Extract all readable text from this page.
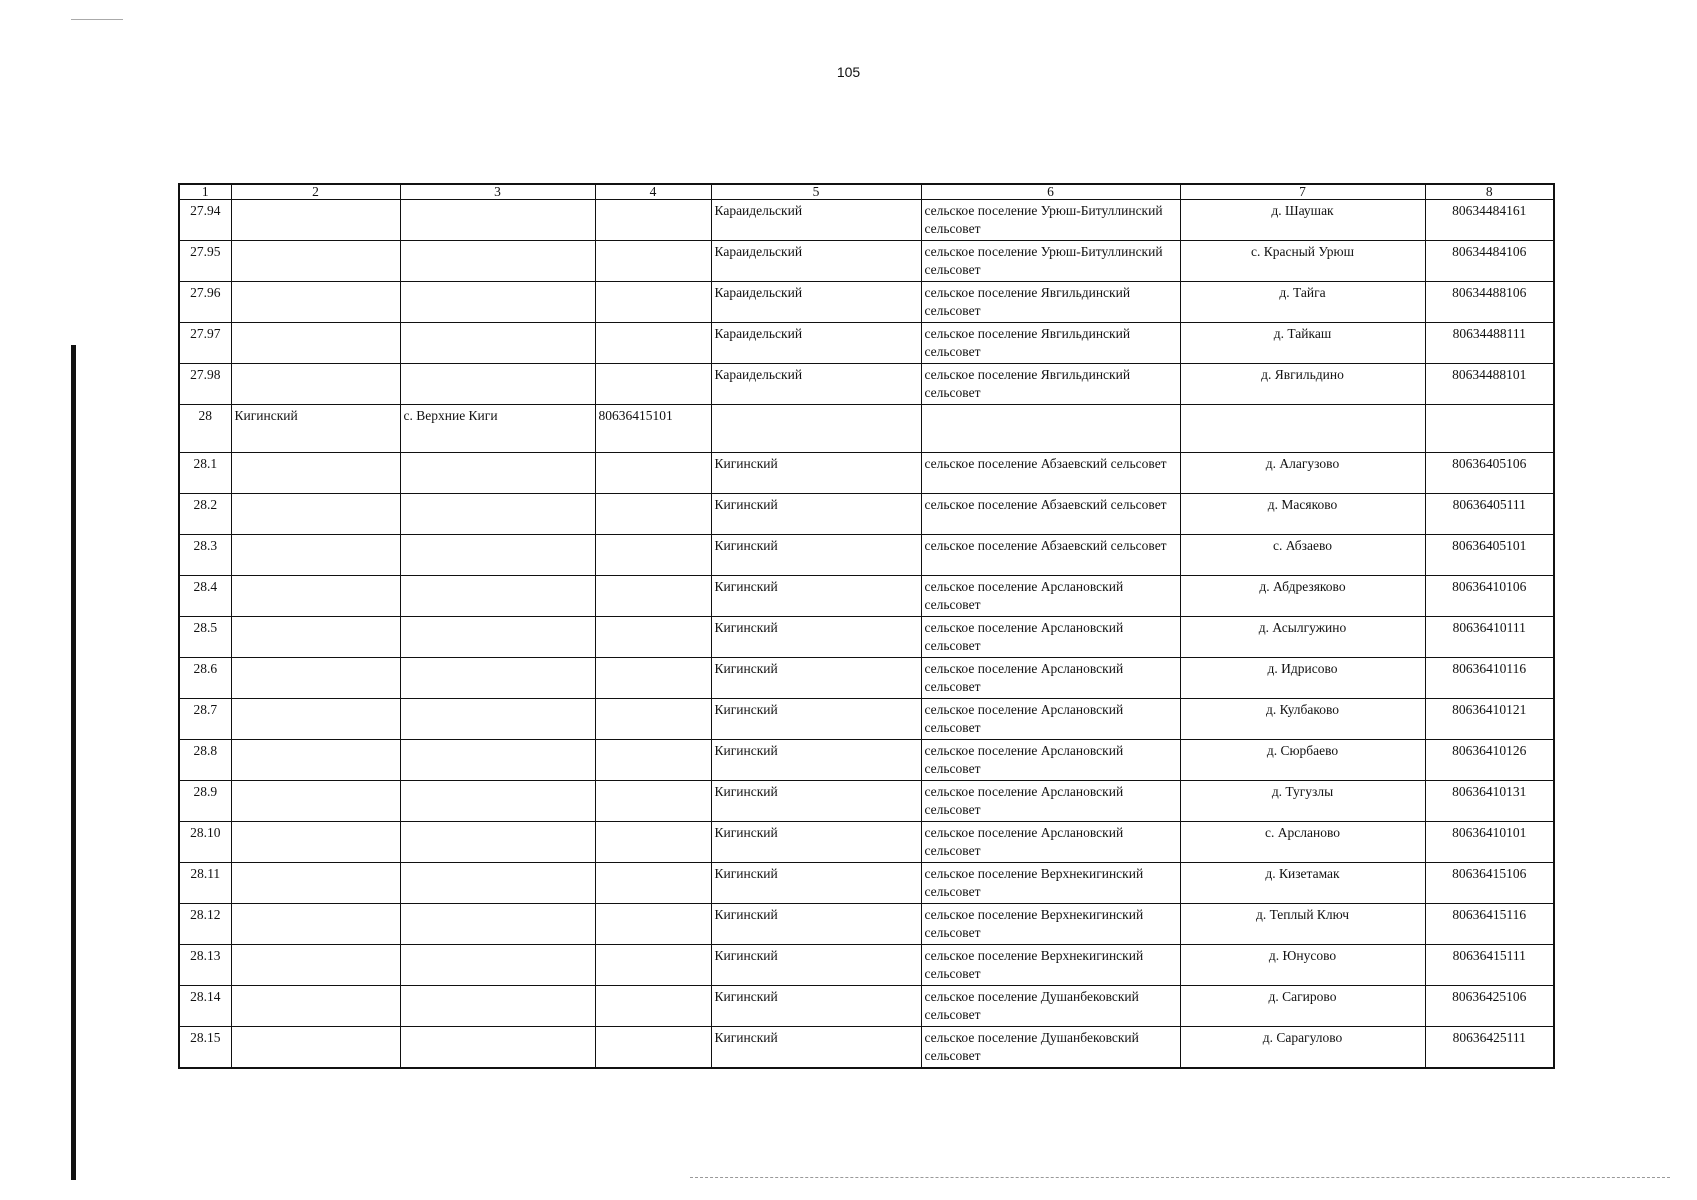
105
1	2	3	4	5	6	7	8
27.94				Караидельский	сельское поселение Урюш-Битуллинский сельсовет	д. Шаушак	80634484161
27.95				Караидельский	сельское поселение Урюш-Битуллинский сельсовет	с. Красный Урюш	80634484106
27.96				Караидельский	сельское поселение Явгильдинский сельсовет	д. Тайга	80634488106
27.97				Караидельский	сельское поселение Явгильдинский сельсовет	д. Тайкаш	80634488111
27.98				Караидельский	сельское поселение Явгильдинский сельсовет	д. Явгильдино	80634488101
28	Кигинский	с. Верхние Киги	80636415101				
28.1				Кигинский	сельское поселение Абзаевский сельсовет	д. Алагузово	80636405106
28.2				Кигинский	сельское поселение Абзаевский сельсовет	д. Масяково	80636405111
28.3				Кигинский	сельское поселение Абзаевский сельсовет	с. Абзаево	80636405101
28.4				Кигинский	сельское поселение Арслановский сельсовет	д. Абдрезяково	80636410106
28.5				Кигинский	сельское поселение Арслановский сельсовет	д. Асылгужино	80636410111
28.6				Кигинский	сельское поселение Арслановский сельсовет	д. Идрисово	80636410116
28.7				Кигинский	сельское поселение Арслановский сельсовет	д. Кулбаково	80636410121
28.8				Кигинский	сельское поселение Арслановский сельсовет	д. Сюрбаево	80636410126
28.9				Кигинский	сельское поселение Арслановский сельсовет	д. Тугузлы	80636410131
28.10				Кигинский	сельское поселение Арслановский сельсовет	с. Арсланово	80636410101
28.11				Кигинский	сельское поселение Верхнекигинский сельсовет	д. Кизетамак	80636415106
28.12				Кигинский	сельское поселение Верхнекигинский сельсовет	д. Теплый Ключ	80636415116
28.13				Кигинский	сельское поселение Верхнекигинский сельсовет	д. Юнусово	80636415111
28.14				Кигинский	сельское поселение Душанбековский сельсовет	д. Сагирово	80636425106
28.15				Кигинский	сельское поселение Душанбековский сельсовет	д. Сарагулово	80636425111
